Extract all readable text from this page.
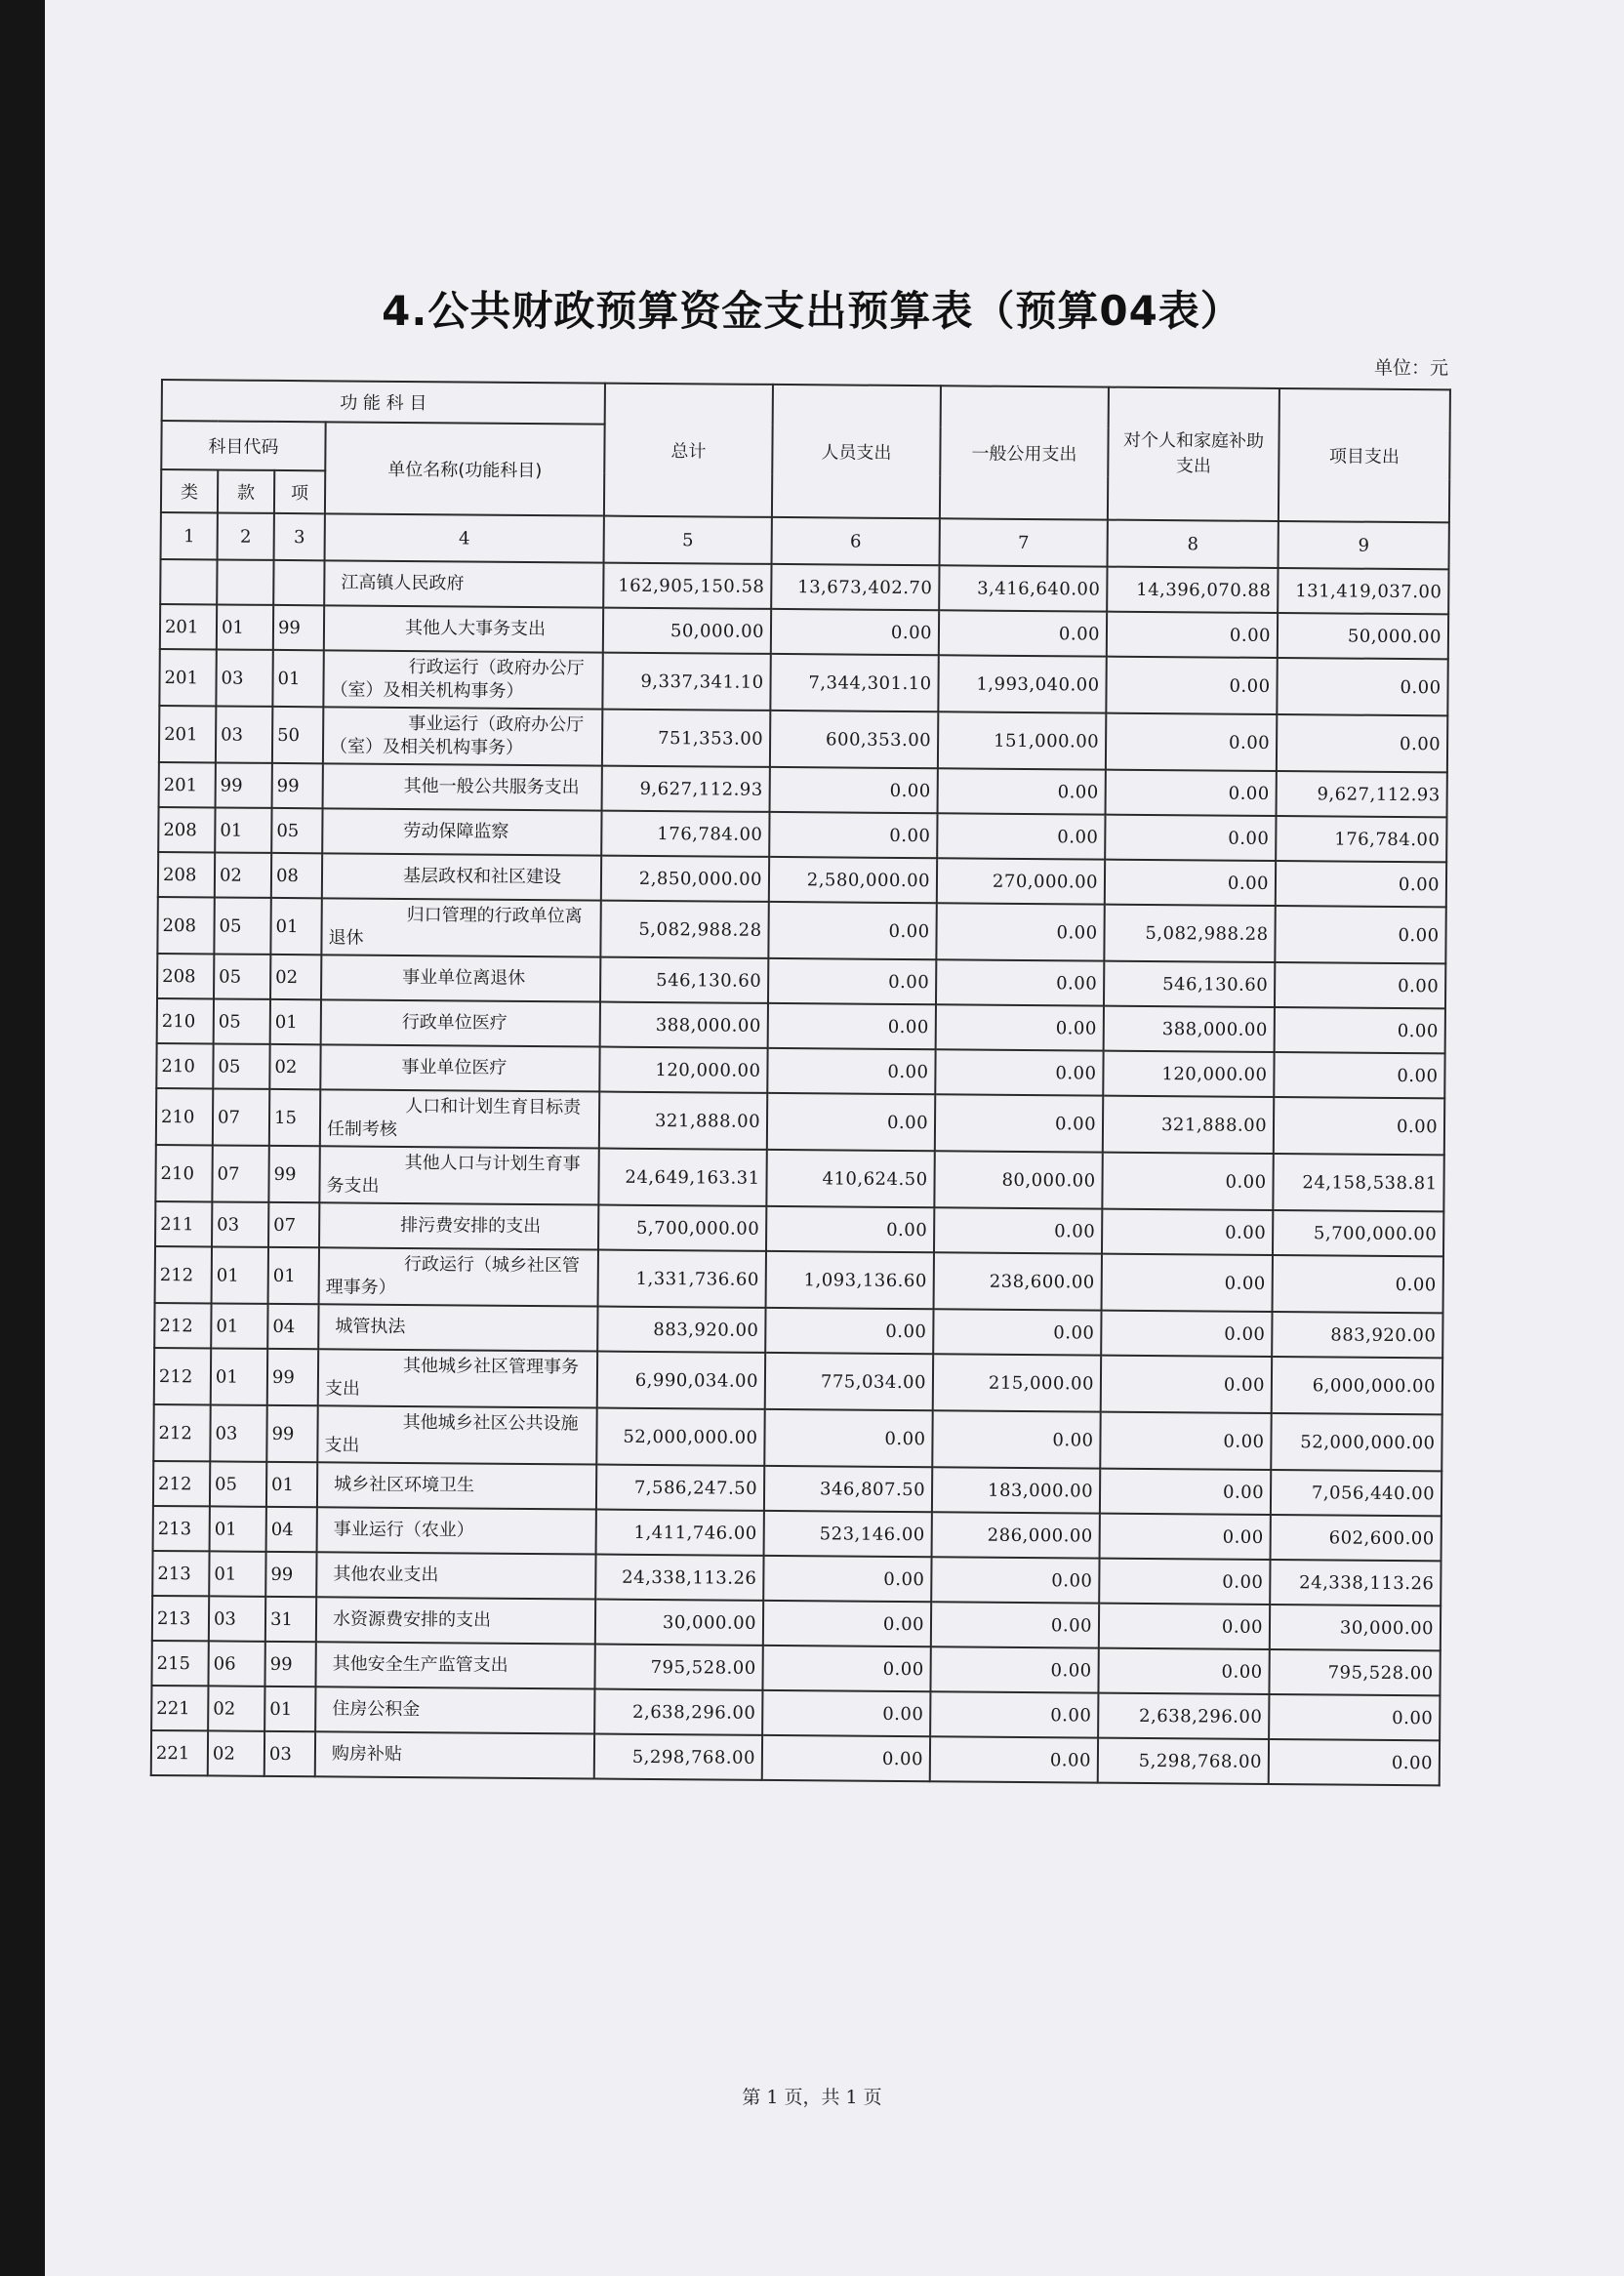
4.公共财政预算资金支出预算表（预算04表）
单位：元
功 能 科 目				总计	人员支出	一般公用支出	对个人和家庭补助支出	项目支出
科目代码			单位名称(功能科目)					
类	款	项						
1	2	3	4	5	6	7	8	9
			江高镇人民政府	162,905,150.58	13,673,402.70	3,416,640.00	14,396,070.88	131,419,037.00
201	01	99	其他人大事务支出	50,000.00	0.00	0.00	0.00	50,000.00
201	03	01	行政运行（政府办公厅（室）及相关机构事务）	9,337,341.10	7,344,301.10	1,993,040.00	0.00	0.00
201	03	50	事业运行（政府办公厅（室）及相关机构事务）	751,353.00	600,353.00	151,000.00	0.00	0.00
201	99	99	其他一般公共服务支出	9,627,112.93	0.00	0.00	0.00	9,627,112.93
208	01	05	劳动保障监察	176,784.00	0.00	0.00	0.00	176,784.00
208	02	08	基层政权和社区建设	2,850,000.00	2,580,000.00	270,000.00	0.00	0.00
208	05	01	归口管理的行政单位离退休	5,082,988.28	0.00	0.00	5,082,988.28	0.00
208	05	02	事业单位离退休	546,130.60	0.00	0.00	546,130.60	0.00
210	05	01	行政单位医疗	388,000.00	0.00	0.00	388,000.00	0.00
210	05	02	事业单位医疗	120,000.00	0.00	0.00	120,000.00	0.00
210	07	15	人口和计划生育目标责任制考核	321,888.00	0.00	0.00	321,888.00	0.00
210	07	99	其他人口与计划生育事务支出	24,649,163.31	410,624.50	80,000.00	0.00	24,158,538.81
211	03	07	排污费安排的支出	5,700,000.00	0.00	0.00	0.00	5,700,000.00
212	01	01	行政运行（城乡社区管理事务）	1,331,736.60	1,093,136.60	238,600.00	0.00	0.00
212	01	04	城管执法	883,920.00	0.00	0.00	0.00	883,920.00
212	01	99	其他城乡社区管理事务支出	6,990,034.00	775,034.00	215,000.00	0.00	6,000,000.00
212	03	99	其他城乡社区公共设施支出	52,000,000.00	0.00	0.00	0.00	52,000,000.00
212	05	01	城乡社区环境卫生	7,586,247.50	346,807.50	183,000.00	0.00	7,056,440.00
213	01	04	事业运行（农业）	1,411,746.00	523,146.00	286,000.00	0.00	602,600.00
213	01	99	其他农业支出	24,338,113.26	0.00	0.00	0.00	24,338,113.26
213	03	31	水资源费安排的支出	30,000.00	0.00	0.00	0.00	30,000.00
215	06	99	其他安全生产监管支出	795,528.00	0.00	0.00	0.00	795,528.00
221	02	01	住房公积金	2,638,296.00	0.00	0.00	2,638,296.00	0.00
221	02	03	购房补贴	5,298,768.00	0.00	0.00	5,298,768.00	0.00
第 1 页，共 1 页
